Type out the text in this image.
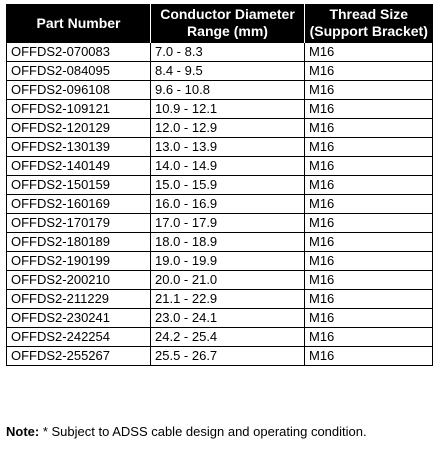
Part Number	Conductor Diameter Range (mm)	Thread Size (Support Bracket)
OFFDS2-070083	7.0 - 8.3	M16
OFFDS2-084095	8.4 - 9.5	M16
OFFDS2-096108	9.6 - 10.8	M16
OFFDS2-109121	10.9 - 12.1	M16
OFFDS2-120129	12.0 - 12.9	M16
OFFDS2-130139	13.0 - 13.9	M16
OFFDS2-140149	14.0 - 14.9	M16
OFFDS2-150159	15.0 - 15.9	M16
OFFDS2-160169	16.0 - 16.9	M16
OFFDS2-170179	17.0 - 17.9	M16
OFFDS2-180189	18.0 - 18.9	M16
OFFDS2-190199	19.0 - 19.9	M16
OFFDS2-200210	20.0 - 21.0	M16
OFFDS2-211229	21.1 - 22.9	M16
OFFDS2-230241	23.0 - 24.1	M16
OFFDS2-242254	24.2 - 25.4	M16
OFFDS2-255267	25.5 - 26.7	M16
Note: * Subject to ADSS cable design and operating condition.
